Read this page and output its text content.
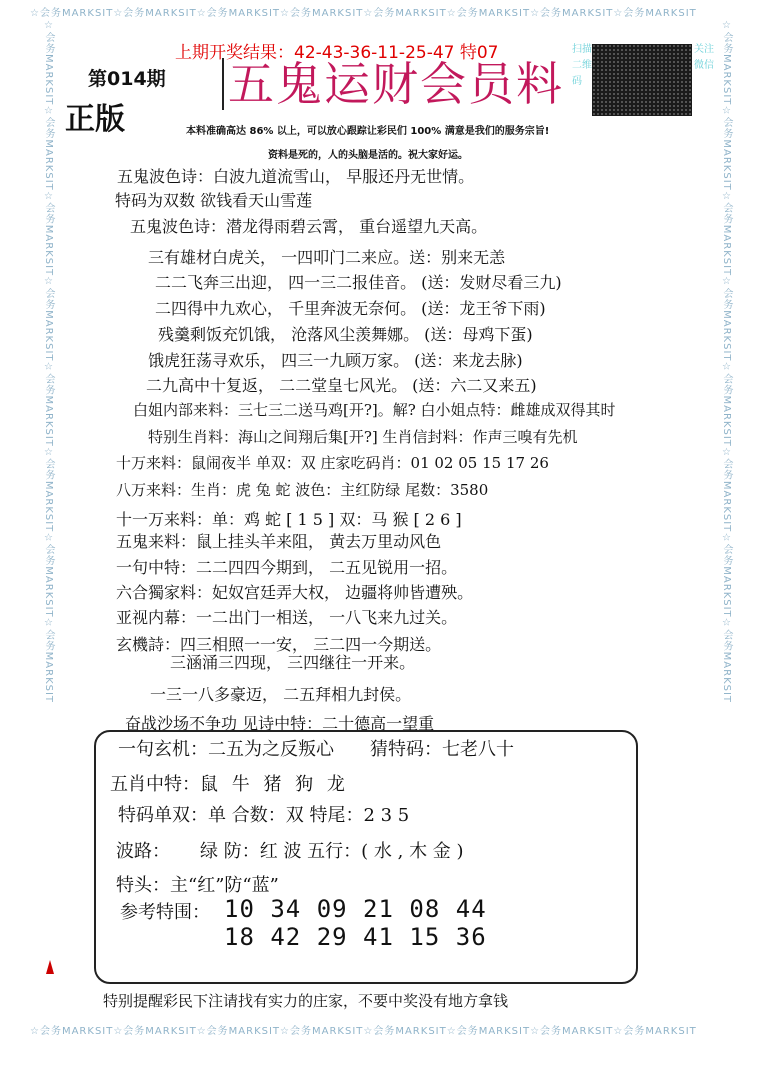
☆会务MARKSIT☆会务MARKSIT☆会务MARKSIT☆会务MARKSIT☆会务MARKSIT☆会务MARKSIT☆会务MARKSIT☆会务MARKSIT
☆会务MARKSIT☆会务MARKSIT☆会务MARKSIT☆会务MARKSIT☆会务MARKSIT☆会务MARKSIT☆会务MARKSIT☆会务MARKSIT
☆会务MARKSIT☆会务MARKSIT☆会务MARKSIT☆会务MARKSIT☆会务MARKSIT☆会务MARKSIT☆会务MARKSIT☆会务MARKSIT	☆会务MARKSIT☆会务MARKSIT☆会务MARKSIT☆会务MARKSIT☆会务MARKSIT☆会务MARKSIT☆会务MARKSIT☆会务MARKSIT
上期开奖结果：42-43-36-11-25-47 特07
第014期
正版
五鬼运财会员料
扫描二维码
关注微信
本料准确高达 86% 以上，可以放心跟踪让彩民们 100% 满意是我们的服务宗旨!
资料是死的，人的头脑是活的。祝大家好运。
五鬼波色诗：白波九道流雪山， 早服还丹无世情。
特码为双数 欲钱看天山雪莲
五鬼波色诗：潜龙得雨碧云霄， 重台遥望九天高。
三有雄材白虎关， 一四叩门二来应。送：别来无恙
二二飞奔三出迎， 四一三二报佳音。 (送：发财尽看三九)
二四得中九欢心， 千里奔波无奈何。 (送：龙王爷下雨)
残羹剩饭充饥饿， 沧落风尘羡舞娜。 (送：母鸡下蛋)
饿虎狂荡寻欢乐， 四三一九顾万家。 (送：来龙去脉)
二九高中十复返， 二二堂皇七风光。 (送：六二又来五)
白姐内部来料：三七三二送马鸡[开?]。解? 白小姐点特：雌雄成双得其时
特别生肖料：海山之间翔后集[开?] 生肖信封料：作声三嗅有先机
十万来料：鼠闹夜半 单双：双 庄家吃码肖：01 02 05 15 17 26
八万来料：生肖：虎 兔 蛇 波色：主红防绿 尾数：3580
十一万来料：单：鸡 蛇 [ 1 5 ] 双：马 猴 [ 2 6 ]
五鬼来料：鼠上挂头羊来阻， 黄去万里动风色
一句中特：二二四四今期到， 二五见锐用一招。
六合獨家料：妃奴宫廷弄大权， 边疆将帅皆遭殃。
亚视内幕：一二出门一相送， 一八飞来九过关。
玄機詩：四三相照一一安， 三二四一今期送。
三涵涌三四现， 三四继往一开来。
一三一八多豪迈， 二五拜相九封侯。
奋战沙场不争功 见诗中特：二十德高一望重
一句玄机：二五为之反叛心 猜特码：七老八十
五肖中特： 鼠 牛 猪 狗 龙
特码单双：单 合数：双 特尾：2 3 5
波路： 绿 防：红 波 五行：( 水 , 木 金 )
特头：主“红”防“蓝”
参考特围： 10 34 09 21 08 44
18 42 29 41 15 36
特别提醒彩民下注请找有实力的庄家，不要中奖没有地方拿钱
